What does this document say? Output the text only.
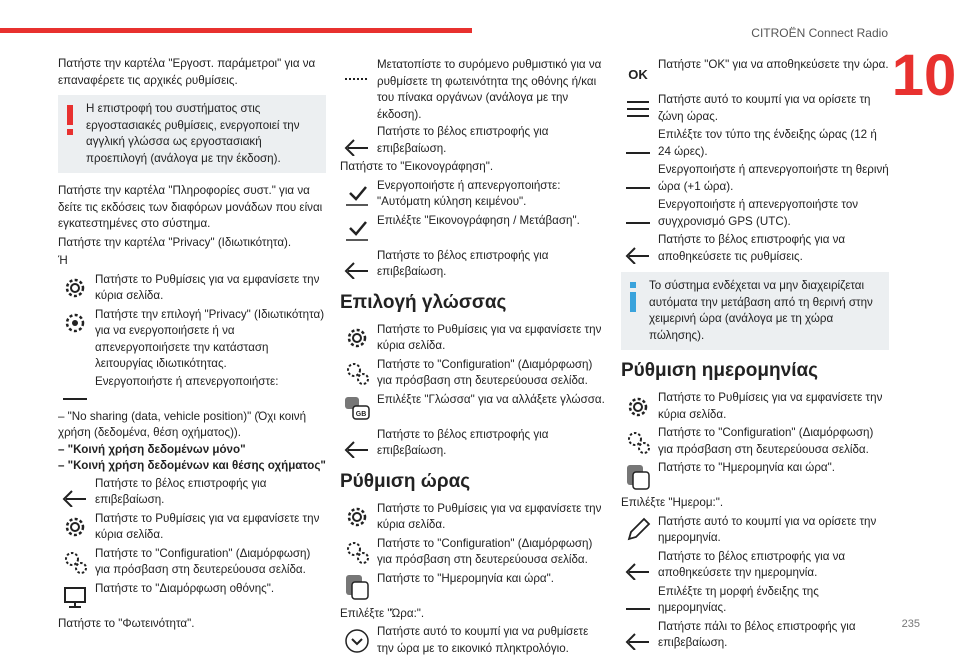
CITROËN Connect Radio
10

Πατήστε την καρτέλα "Εργοστ. παράμετροι" για να επαναφέρετε τις αρχικές ρυθμίσεις.

Η επιστροφή του συστήματος στις εργοστασιακές ρυθμίσεις, ενεργοποιεί την αγγλική γλώσσα ως εργοστασιακή προεπιλογή (ανάλογα με την έκδοση).

Πατήστε την καρτέλα "Πληροφορίες συστ." για να δείτε τις εκδόσεις των διαφόρων μονάδων που είναι εγκατεστημένες στο σύστημα.

Πατήστε την καρτέλα "Privacy" (Ιδιωτικότητα).

Ή

Πατήστε το Ρυθμίσεις για να εμφανίσετε την κύρια σελίδα.
Πατήστε την επιλογή "Privacy" (Ιδιωτικότητα) για να ενεργοποιήσετε ή να απενεργοποιήσετε την κατάσταση λειτουργίας ιδιωτικότητας.
Ενεργοποιήστε ή απενεργοποιήστε:

– "No sharing (data, vehicle position)" (Όχι κοινή χρήση (δεδομένα, θέση οχήματος)).

– "Κοινή χρήση δεδομένων μόνο"

– "Κοινή χρήση δεδομένων και θέσης οχήματος"

Πατήστε το βέλος επιστροφής για επιβεβαίωση.
Πατήστε το Ρυθμίσεις για να εμφανίσετε την κύρια σελίδα.
Πατήστε το "Configuration" (Διαμόρφωση) για πρόσβαση στη δευτερεύουσα σελίδα.
Πατήστε το "Διαμόρφωση οθόνης".

Πατήστε το "Φωτεινότητα".

Μετατοπίστε το συρόμενο ρυθμιστικό για να ρυθμίσετε τη φωτεινότητα της οθόνης ή/και του πίνακα οργάνων (ανάλογα με την έκδοση).
Πατήστε το βέλος επιστροφής για επιβεβαίωση.

Πατήστε το "Εικονογράφηση".

Ενεργοποιήστε ή απενεργοποιήστε: "Αυτόματη κύληση κειμένου".
Επιλέξτε "Εικονογράφηση / Μετάβαση".
Πατήστε το βέλος επιστροφής για επιβεβαίωση.
Επιλογή γλώσσας
Πατήστε το Ρυθμίσεις για να εμφανίσετε την κύρια σελίδα.
Πατήστε το "Configuration" (Διαμόρφωση) για πρόσβαση στη δευτερεύουσα σελίδα.
GB
Επιλέξτε "Γλώσσα" για να αλλάξετε γλώσσα.
Πατήστε το βέλος επιστροφής για επιβεβαίωση.
Ρύθμιση ώρας
Πατήστε το Ρυθμίσεις για να εμφανίσετε την κύρια σελίδα.
Πατήστε το "Configuration" (Διαμόρφωση) για πρόσβαση στη δευτερεύουσα σελίδα.
Πατήστε το "Ημερομηνία και ώρα".

Επιλέξτε "Ώρα:".

Πατήστε αυτό το κουμπί για να ρυθμίσετε την ώρα με το εικονικό πληκτρολόγιο.
OK
Πατήστε "OK" για να αποθηκεύσετε την ώρα.
Πατήστε αυτό το κουμπί για να ορίσετε τη ζώνη ώρας.
Επιλέξτε τον τύπο της ένδειξης ώρας (12 ή 24 ώρες).
Ενεργοποιήστε ή απενεργοποιήστε τη θερινή ώρα (+1 ώρα).
Ενεργοποιήστε ή απενεργοποιήστε τον συγχρονισμό GPS (UTC).
Πατήστε το βέλος επιστροφής για να αποθηκεύσετε τις ρυθμίσεις.
Το σύστημα ενδέχεται να μην διαχειρίζεται αυτόματα την μετάβαση από τη θερινή στην χειμερινή ώρα (ανάλογα με τη χώρα πώλησης).
Ρύθμιση ημερομηνίας
Πατήστε το Ρυθμίσεις για να εμφανίσετε την κύρια σελίδα.
Πατήστε το "Configuration" (Διαμόρφωση) για πρόσβαση στη δευτερεύουσα σελίδα.
Πατήστε το "Ημερομηνία και ώρα".

Επιλέξτε "Ημερομ:".

Πατήστε αυτό το κουμπί για να ορίσετε την ημερομηνία.
Πατήστε το βέλος επιστροφής για να αποθηκεύσετε την ημερομηνία.
Επιλέξτε τη μορφή ένδειξης της ημερομηνίας.
Πατήστε πάλι το βέλος επιστροφής για επιβεβαίωση.
235
